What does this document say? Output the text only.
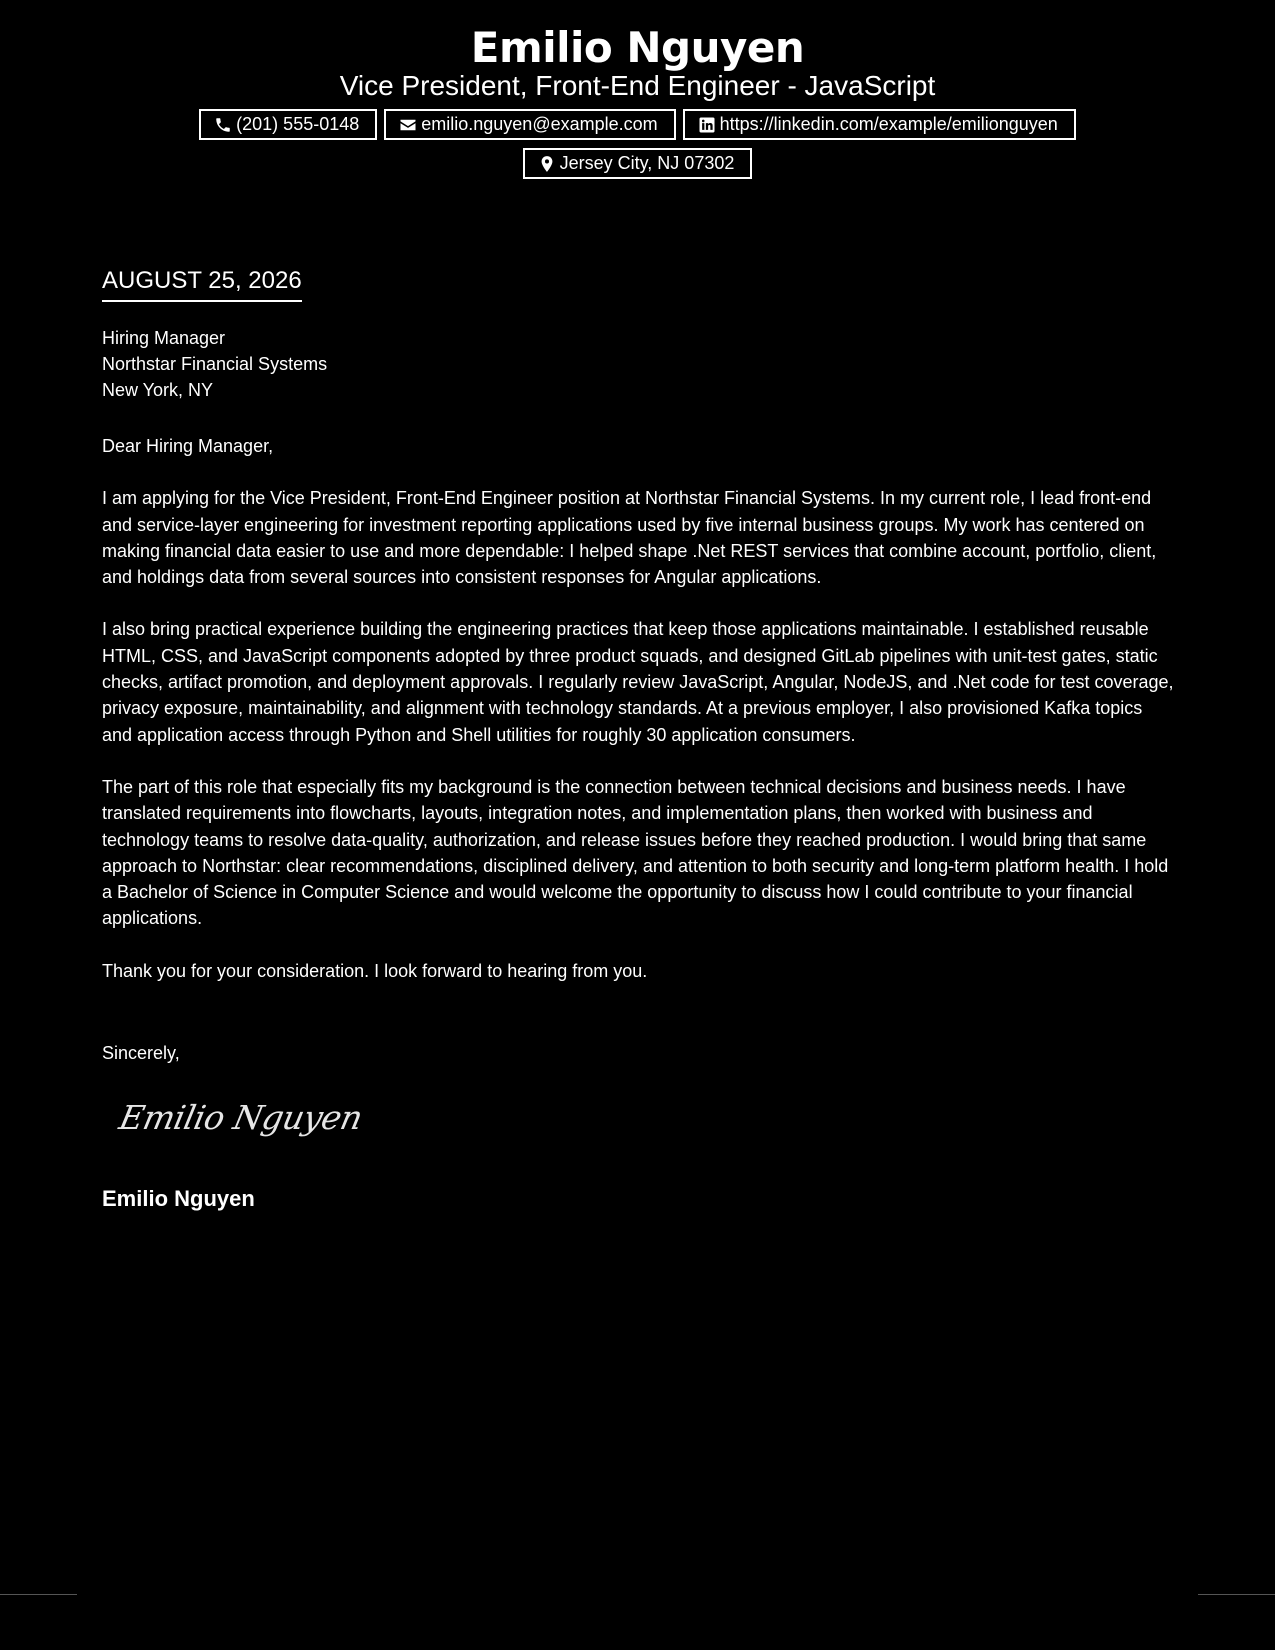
Emilio Nguyen
Vice President, Front-End Engineer - JavaScript
(201) 555-0148	emilio.nguyen@example.com	https://linkedin.com/example/emilionguyen
Jersey City, NJ 07302
AUGUST 25, 2026
Hiring Manager
Northstar Financial Systems
New York, NY

Dear Hiring Manager,

I am applying for the Vice President, Front-End Engineer position at Northstar Financial Systems. In my current role, I lead front-end and service-layer engineering for investment reporting applications used by five internal business groups. My work has centered on making financial data easier to use and more dependable: I helped shape .Net REST services that combine account, portfolio, client, and holdings data from several sources into consistent responses for Angular applications.

I also bring practical experience building the engineering practices that keep those applications maintainable. I established reusable HTML, CSS, and JavaScript components adopted by three product squads, and designed GitLab pipelines with unit-test gates, static checks, artifact promotion, and deployment approvals. I regularly review JavaScript, Angular, NodeJS, and .Net code for test coverage, privacy exposure, maintainability, and alignment with technology standards. At a previous employer, I also provisioned Kafka topics and application access through Python and Shell utilities for roughly 30 application consumers.

The part of this role that especially fits my background is the connection between technical decisions and business needs. I have translated requirements into flowcharts, layouts, integration notes, and implementation plans, then worked with business and technology teams to resolve data-quality, authorization, and release issues before they reached production. I would bring that same approach to Northstar: clear recommendations, disciplined delivery, and attention to both security and long-term platform health. I hold a Bachelor of Science in Computer Science and would welcome the opportunity to discuss how I could contribute to your financial applications.

Thank you for your consideration. I look forward to hearing from you.

Sincerely,
Emilio Nguyen
Emilio Nguyen
